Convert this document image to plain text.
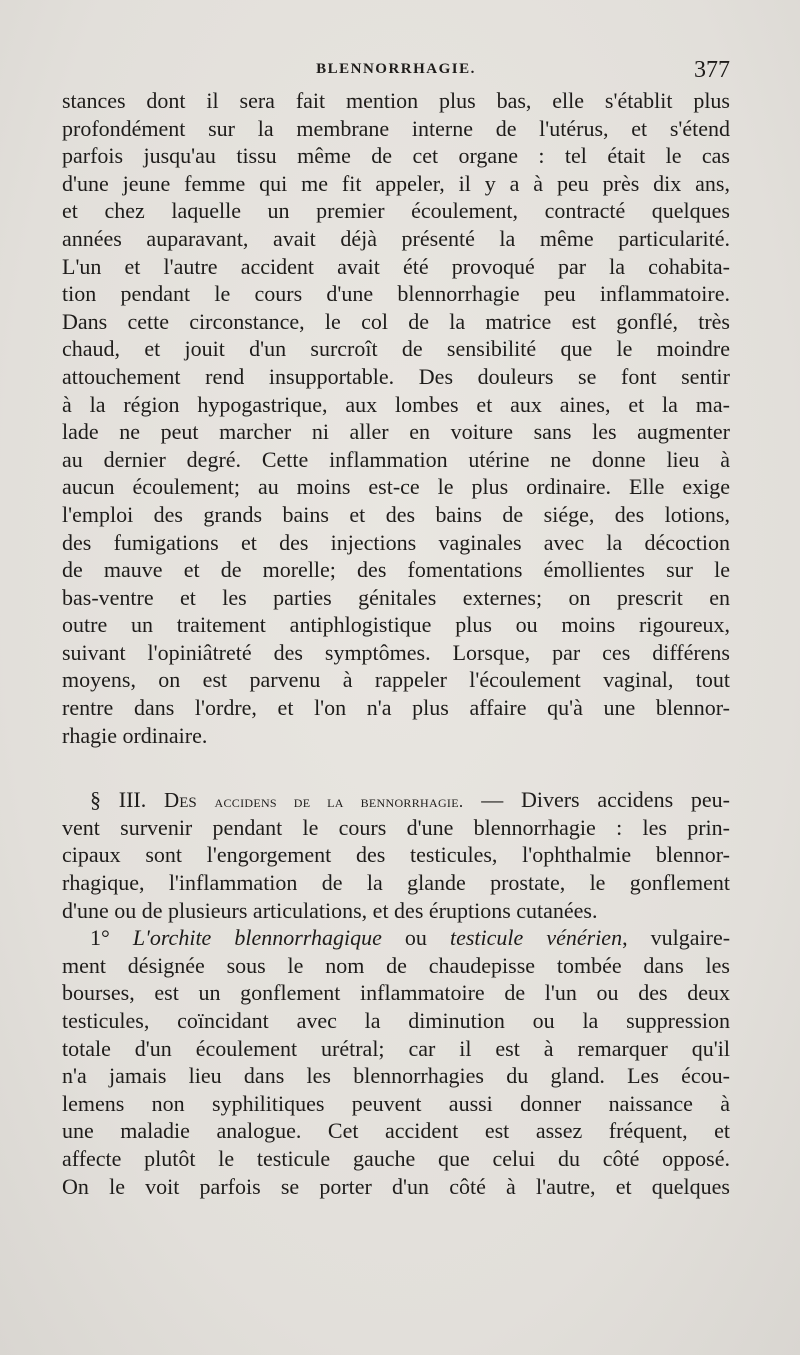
BLENNORRHAGIE.	377
stances dont il sera fait mention plus bas, elle s'établit plus
profondément sur la membrane interne de l'utérus, et s'étend
parfois jusqu'au tissu même de cet organe : tel était le cas
d'une jeune femme qui me fit appeler, il y a à peu près dix ans,
et chez laquelle un premier écoulement, contracté quelques
années auparavant, avait déjà présenté la même particularité.
L'un et l'autre accident avait été provoqué par la cohabita-
tion pendant le cours d'une blennorrhagie peu inflammatoire.
Dans cette circonstance, le col de la matrice est gonflé, très
chaud, et jouit d'un surcroît de sensibilité que le moindre
attouchement rend insupportable. Des douleurs se font sentir
à la région hypogastrique, aux lombes et aux aines, et la ma-
lade ne peut marcher ni aller en voiture sans les augmenter
au dernier degré. Cette inflammation utérine ne donne lieu à
aucun écoulement; au moins est-ce le plus ordinaire. Elle exige
l'emploi des grands bains et des bains de siége, des lotions,
des fumigations et des injections vaginales avec la décoction
de mauve et de morelle; des fomentations émollientes sur le
bas-ventre et les parties génitales externes; on prescrit en
outre un traitement antiphlogistique plus ou moins rigoureux,
suivant l'opiniâtreté des symptômes. Lorsque, par ces différens
moyens, on est parvenu à rappeler l'écoulement vaginal, tout
rentre dans l'ordre, et l'on n'a plus affaire qu'à une blennor-
rhagie ordinaire.
§ III. Des accidens de la bennorrhagie. — Divers accidens peu-
vent survenir pendant le cours d'une blennorrhagie : les prin-
cipaux sont l'engorgement des testicules, l'ophthalmie blennor-
rhagique, l'inflammation de la glande prostate, le gonflement
d'une ou de plusieurs articulations, et des éruptions cutanées.
1° L'orchite blennorrhagique ou testicule vénérien, vulgaire-
ment désignée sous le nom de chaudepisse tombée dans les
bourses, est un gonflement inflammatoire de l'un ou des deux
testicules, coïncidant avec la diminution ou la suppression
totale d'un écoulement urétral; car il est à remarquer qu'il
n'a jamais lieu dans les blennorrhagies du gland. Les écou-
lemens non syphilitiques peuvent aussi donner naissance à
une maladie analogue. Cet accident est assez fréquent, et
affecte plutôt le testicule gauche que celui du côté opposé.
On le voit parfois se porter d'un côté à l'autre, et quelques
